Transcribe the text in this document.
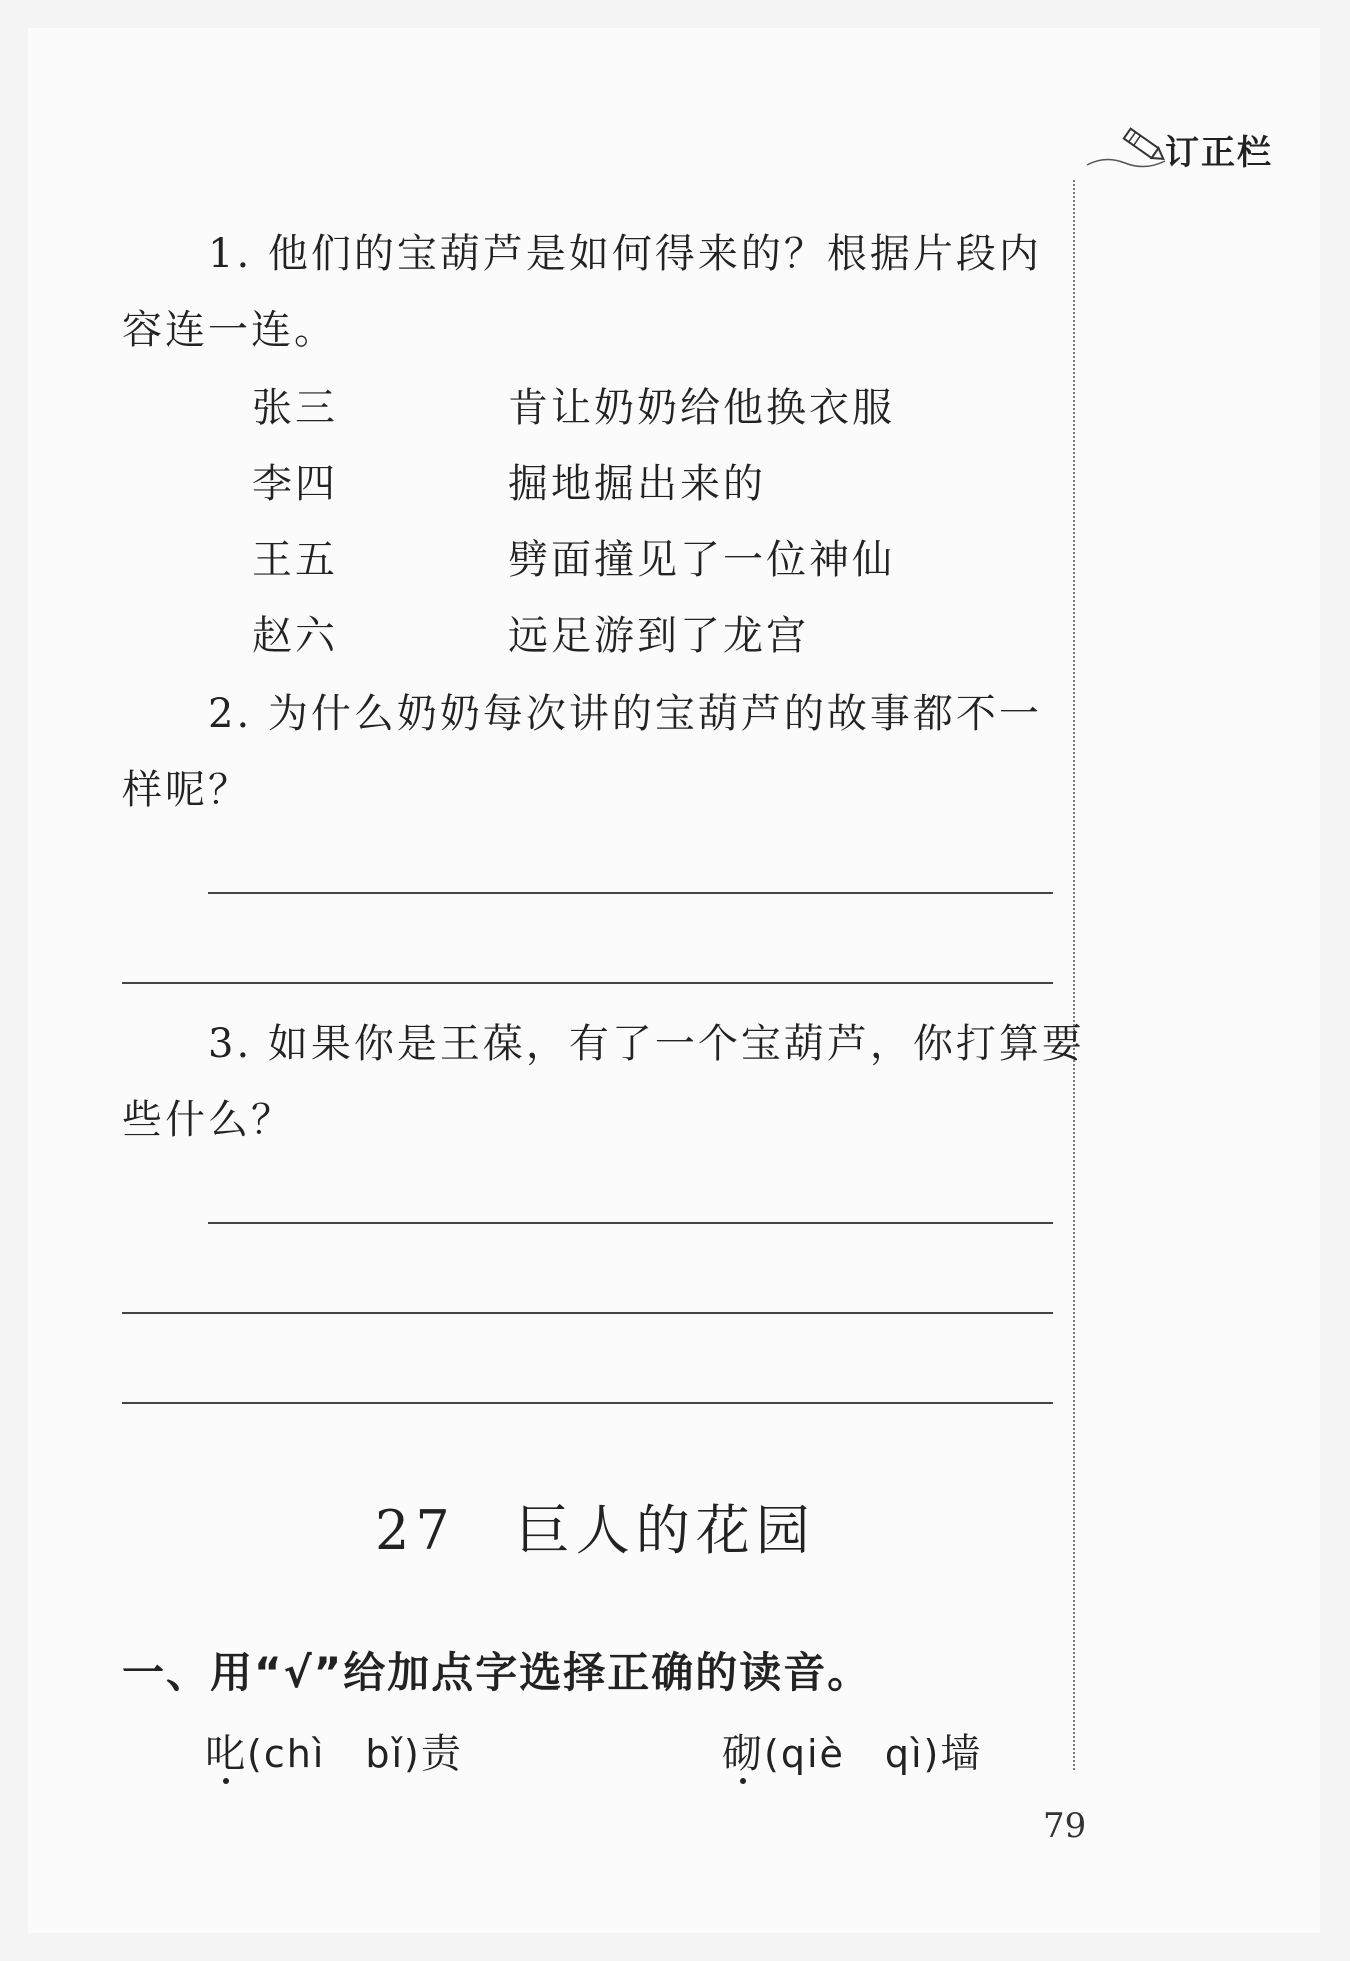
订正栏
1. 他们的宝葫芦是如何得来的？根据片段内
容连一连。
张三
李四
王五
赵六
肯让奶奶给他换衣服
掘地掘出来的
劈面撞见了一位神仙
远足游到了龙宫
2. 为什么奶奶每次讲的宝葫芦的故事都不一
样呢？
3. 如果你是王葆，有了一个宝葫芦，你打算要
些什么？
27 巨人的花园
一、用“√”给加点字选择正确的读音。
叱(chì　bǐ)责	砌(qiè　qì)墙
79
